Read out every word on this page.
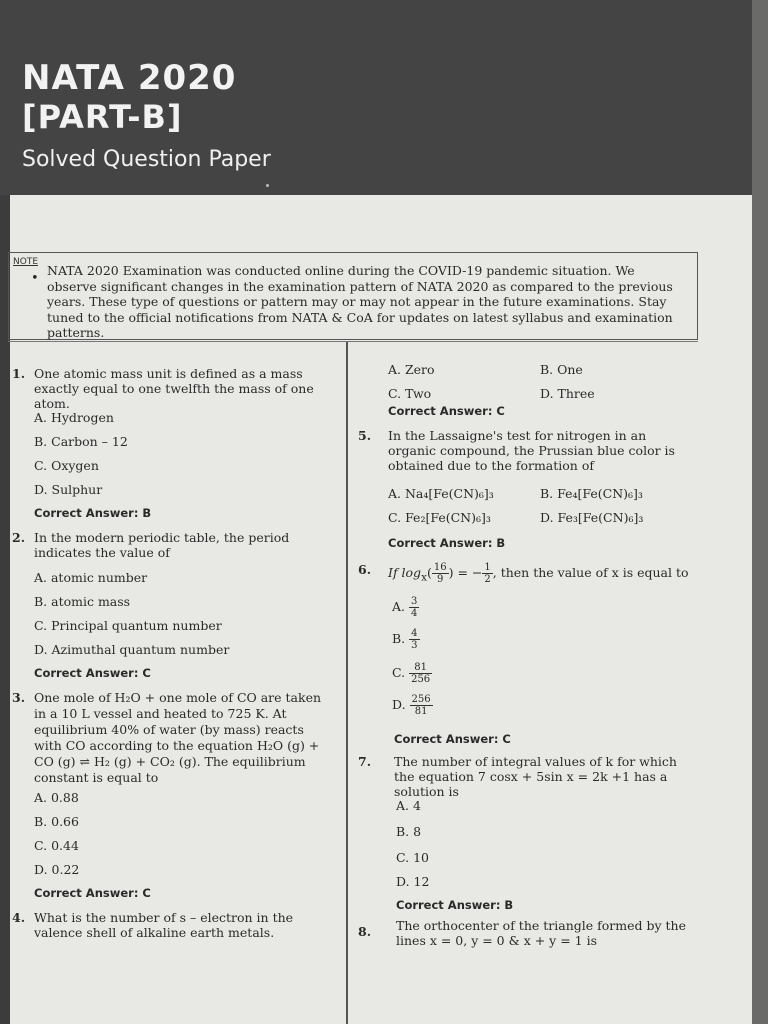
NATA 2020
[PART-B]
Solved Question Paper
NOTE
•
NATA 2020 Examination was conducted online during the COVID-19 pandemic situation. We observe significant changes in the examination pattern of NATA 2020 as compared to the previous years. These type of questions or pattern may or may not appear in the future examinations. Stay tuned to the official notifications from NATA & CoA for updates on latest syllabus and examination patterns.
1. One atomic mass unit is defined as a mass exactly equal to one twelfth the mass of one atom.
A. Hydrogen
B. Carbon – 12
C. Oxygen
D. Sulphur
Correct Answer: B
2. In the modern periodic table, the period indicates the value of
A. atomic number
B. atomic mass
C. Principal quantum number
D. Azimuthal quantum number
Correct Answer: C
3. One mole of H₂O + one mole of CO are taken in a 10 L vessel and heated to 725 K. At equilibrium 40% of water (by mass) reacts with CO according to the equation H₂O (g) + CO (g) ⇌ H₂ (g) + CO₂ (g). The equilibrium constant is equal to
A. 0.88
B. 0.66
C. 0.44
D. 0.22
Correct Answer: C
4. What is the number of s – electron in the valence shell of alkaline earth metals.
A. Zero	B. One
C. Two	D. Three
Correct Answer: C
5. In the Lassaigne's test for nitrogen in an organic compound, the Prussian blue color is obtained due to the formation of
A. Na₄[Fe(CN)₆]₃	B. Fe₄[Fe(CN)₆]₃
C. Fe₂[Fe(CN)₆]₃	D. Fe₃[Fe(CN)₆]₃
Correct Answer: B
6. If $\log_x( \frac{16}{9}$ ) = − $\frac{1}{2}$ , then the value of x is equal to
A. $\frac{3}{4}$
B. $\frac{4}{3}$
C. $\frac{81}{256}$
D. $\frac{256}{81}$
Correct Answer: C
7. The number of integral values of k for which the equation 7 cosx + 5sin x = 2k +1 has a solution is
A. 4
B. 8
C. 10
D. 12
Correct Answer: B
8. The orthocenter of the triangle formed by the lines x = 0, y = 0 & x + y = 1 is
